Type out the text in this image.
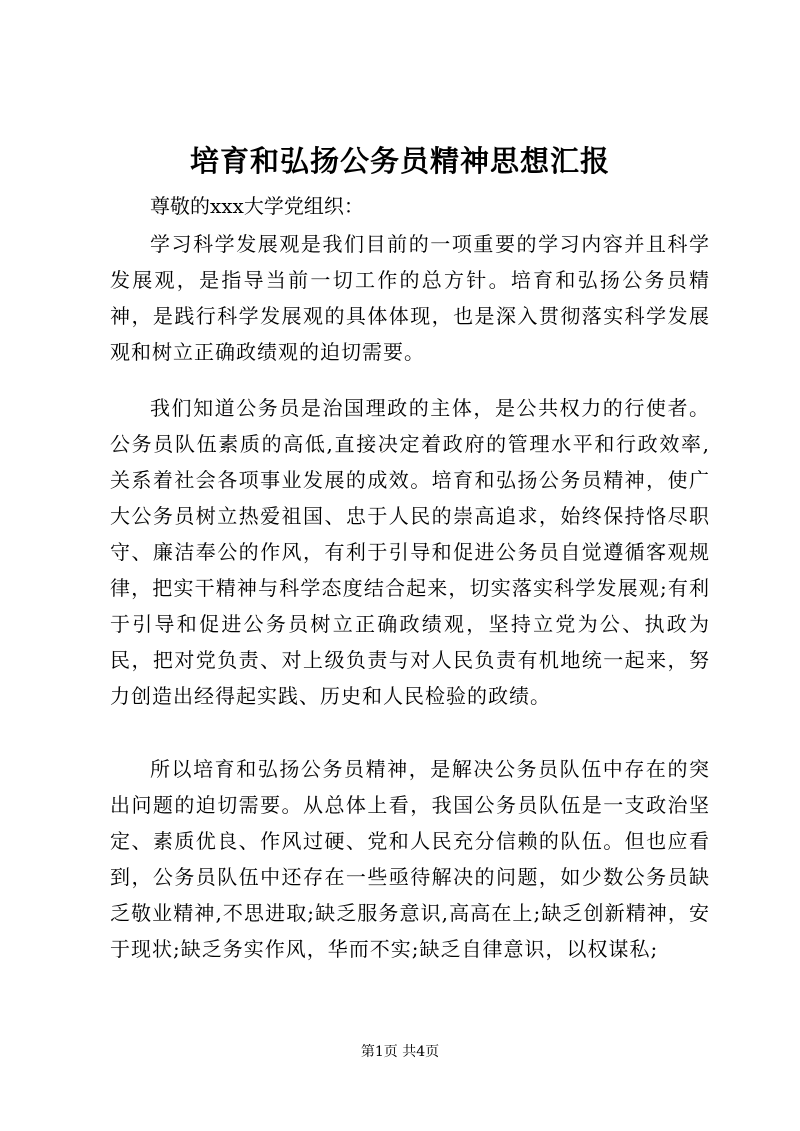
培育和弘扬公务员精神思想汇报

尊敬的xxx大学党组织：

学习科学发展观是我们目前的一项重要的学习内容并且科学发展观，是指导当前一切工作的总方针。培育和弘扬公务员精神，是践行科学发展观的具体体现，也是深入贯彻落实科学发展观和树立正确政绩观的迫切需要。

我们知道公务员是治国理政的主体，是公共权力的行使者。公务员队伍素质的高低,直接决定着政府的管理水平和行政效率,关系着社会各项事业发展的成效。培育和弘扬公务员精神，使广大公务员树立热爱祖国、忠于人民的崇高追求，始终保持恪尽职守、廉洁奉公的作风，有利于引导和促进公务员自觉遵循客观规律，把实干精神与科学态度结合起来，切实落实科学发展观;有利于引导和促进公务员树立正确政绩观，坚持立党为公、执政为民，把对党负责、对上级负责与对人民负责有机地统一起来，努力创造出经得起实践、历史和人民检验的政绩。

所以培育和弘扬公务员精神，是解决公务员队伍中存在的突出问题的迫切需要。从总体上看，我国公务员队伍是一支政治坚定、素质优良、作风过硬、党和人民充分信赖的队伍。但也应看到，公务员队伍中还存在一些亟待解决的问题，如少数公务员缺乏敬业精神,不思进取;缺乏服务意识,高高在上;缺乏创新精神，安于现状;缺乏务实作风，华而不实;缺乏自律意识，以权谋私;

第1页 共4页
